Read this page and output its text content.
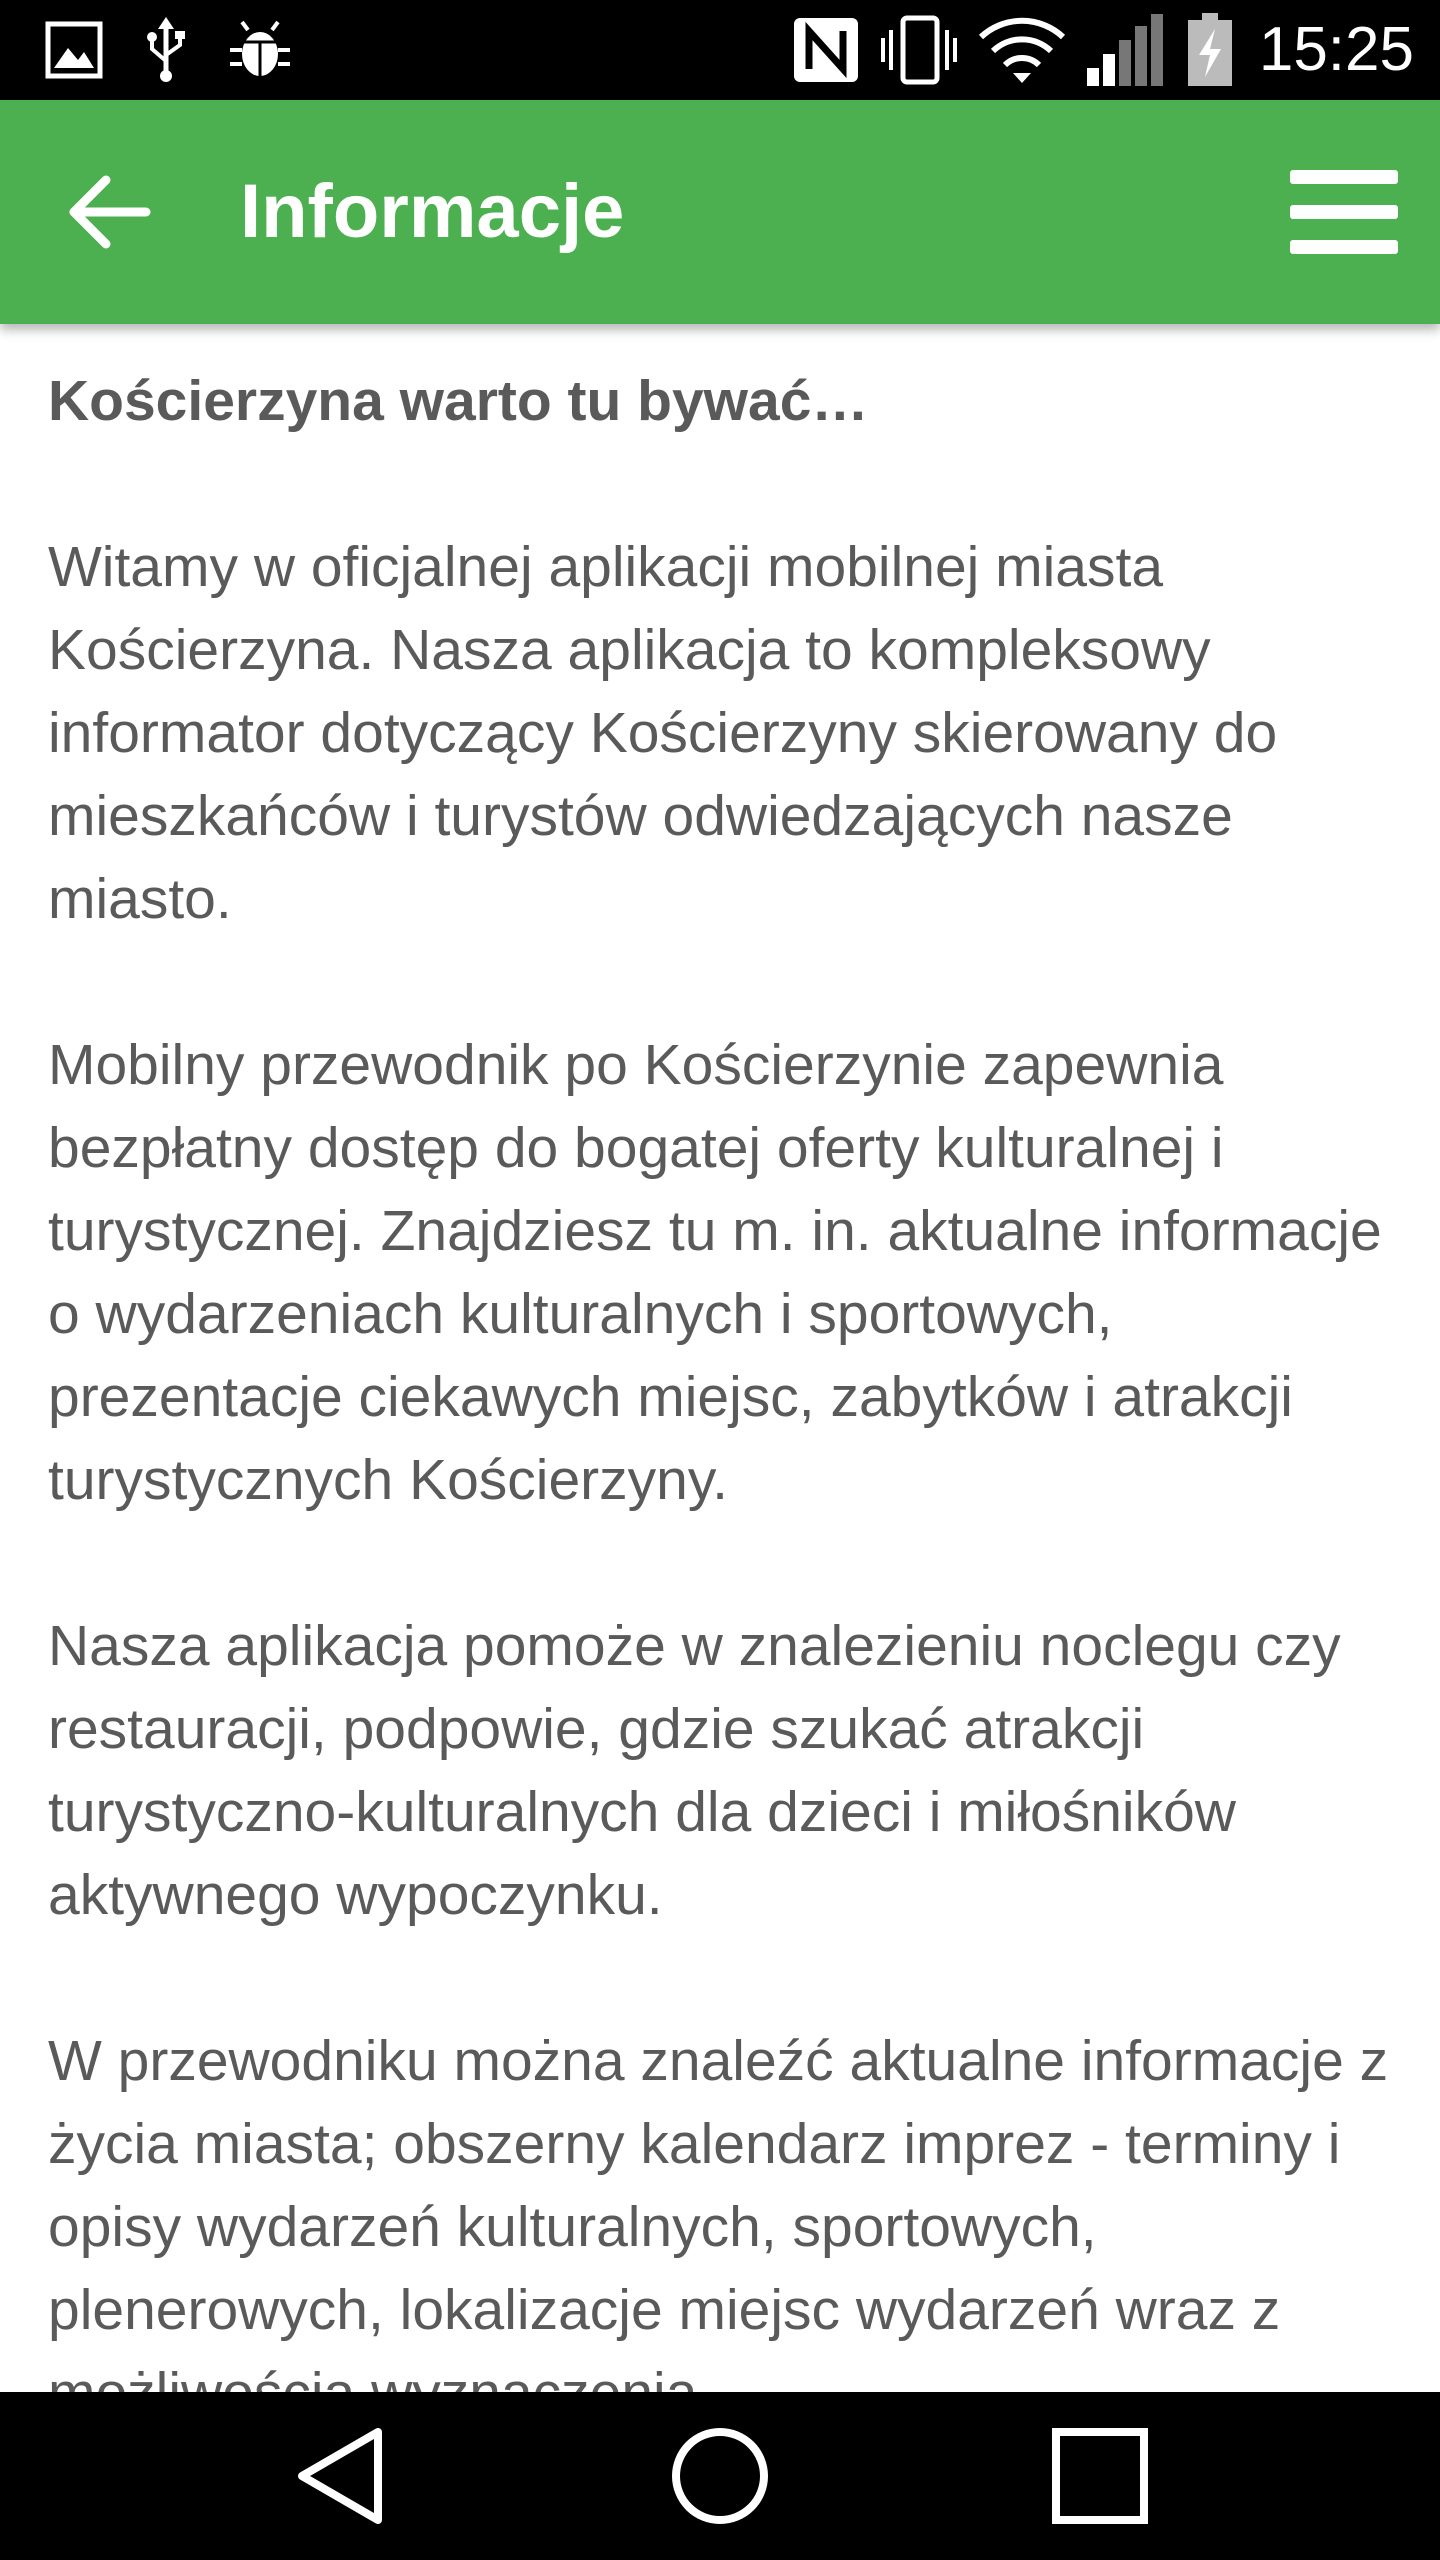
15:25
Informacje

Kościerzyna warto tu bywać…

Witamy w oficjalnej aplikacji mobilnej miasta Kościerzyna. Nasza aplikacja to kompleksowy informator dotyczący Kościerzyny skierowany do mieszkańców i turystów odwiedzających nasze miasto.

Mobilny przewodnik po Kościerzynie zapewnia bezpłatny dostęp do bogatej oferty kulturalnej i turystycznej. Znajdziesz tu m. in. aktualne informacje o wydarzeniach kulturalnych i sportowych, prezentacje ciekawych miejsc, zabytków i atrakcji turystycznych Kościerzyny.

Nasza aplikacja pomoże w znalezieniu noclegu czy restauracji, podpowie, gdzie szukać atrakcji turystyczno-kulturalnych dla dzieci i miłośników aktywnego wypoczynku.

W przewodniku można znaleźć aktualne informacje z życia miasta; obszerny kalendarz imprez - terminy i opisy wydarzeń kulturalnych, sportowych, plenerowych, lokalizacje miejsc wydarzeń wraz z
